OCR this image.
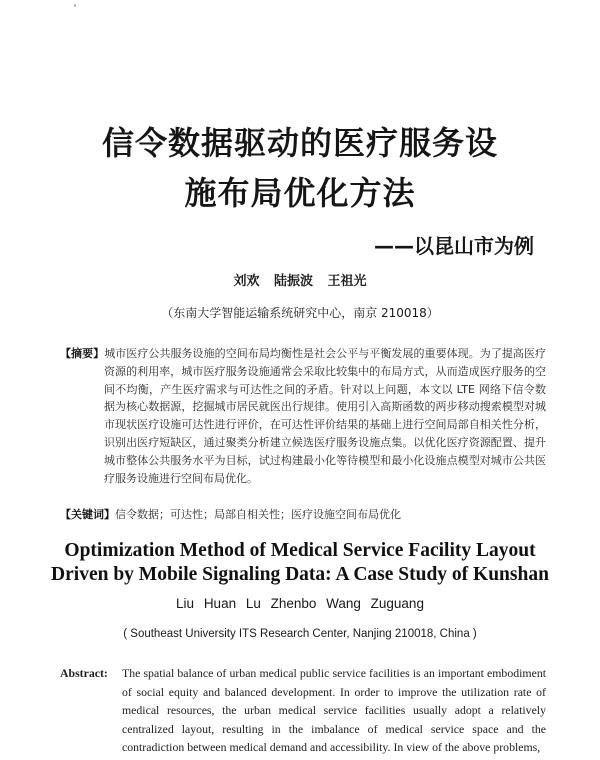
信令数据驱动的医疗服务设
施布局优化方法
——以昆山市为例
刘欢 陆振波 王祖光
（东南大学智能运输系统研究中心，南京 210018）
【摘要】城市医疗公共服务设施的空间布局均衡性是社会公平与平衡发展的重要体现。为了提高医疗资源的利用率，城市医疗服务设施通常会采取比较集中的布局方式，从而造成医疗服务的空间不均衡，产生医疗需求与可达性之间的矛盾。针对以上问题，本文以 LTE 网络下信令数据为核心数据源，挖掘城市居民就医出行规律。使用引入高斯函数的两步移动搜索模型对城市现状医疗设施可达性进行评价，在可达性评价结果的基础上进行空间局部自相关性分析，识别出医疗短缺区，通过聚类分析建立候选医疗服务设施点集。以优化医疗资源配置、提升城市整体公共服务水平为目标，试过构建最小化等待模型和最小化设施点模型对城市公共医疗服务设施进行空间布局优化。
【关键词】信令数据；可达性；局部自相关性；医疗设施空间布局优化
Optimization Method of Medical Service Facility Layout
Driven by Mobile Signaling Data: A Case Study of Kunshan
Liu Huan Lu Zhenbo Wang Zuguang
( Southeast University ITS Research Center, Nanjing 210018, China )
Abstract:	The spatial balance of urban medical public service facilities is an important embodiment of social equity and balanced development. In order to improve the utilization rate of medical resources, the urban medical service facilities usually adopt a relatively centralized layout, resulting in the imbalance of medical service space and the contradiction between medical demand and accessibility. In view of the above problems,
